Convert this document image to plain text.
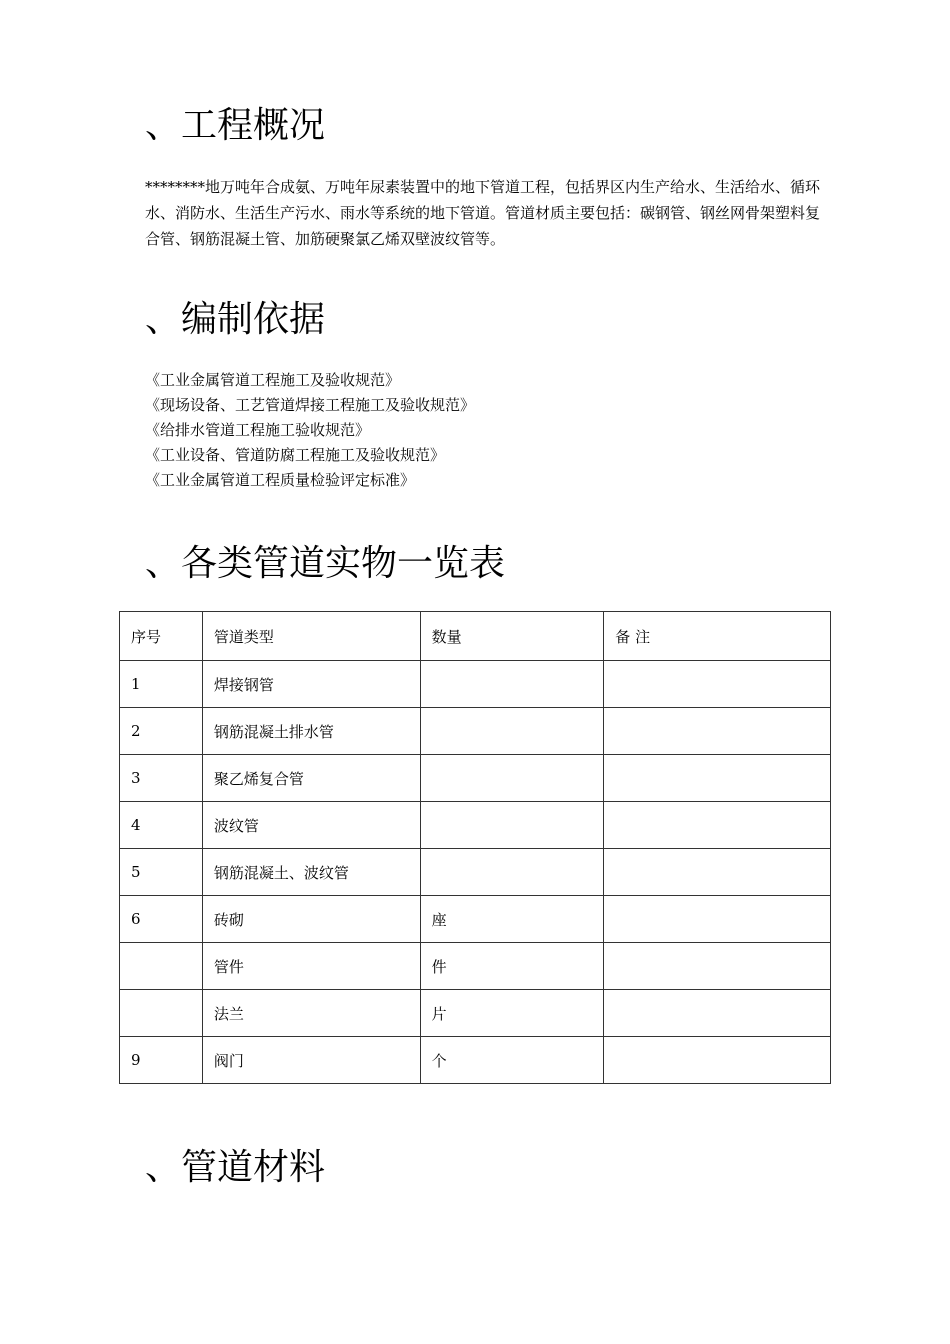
、工程概况

********地万吨年合成氨、万吨年尿素装置中的地下管道工程，包括界区内生产给水、生活给水、循环水、消防水、生活生产污水、雨水等系统的地下管道。管道材质主要包括：碳钢管、钢丝网骨架塑料复合管、钢筋混凝土管、加筋硬聚氯乙烯双壁波纹管等。

、编制依据
《工业金属管道工程施工及验收规范》
《现场设备、工艺管道焊接工程施工及验收规范》
《给排水管道工程施工验收规范》
《工业设备、管道防腐工程施工及验收规范》
《工业金属管道工程质量检验评定标准》
、各类管道实物一览表
序号	管道类型	数量	备 注
1	焊接钢管		
2	钢筋混凝土排水管		
3	聚乙烯复合管		
4	波纹管		
5	钢筋混凝土、波纹管		
6	砖砌	座	
	管件	件	
	法兰	片	
9	阀门	个	
、管道材料
